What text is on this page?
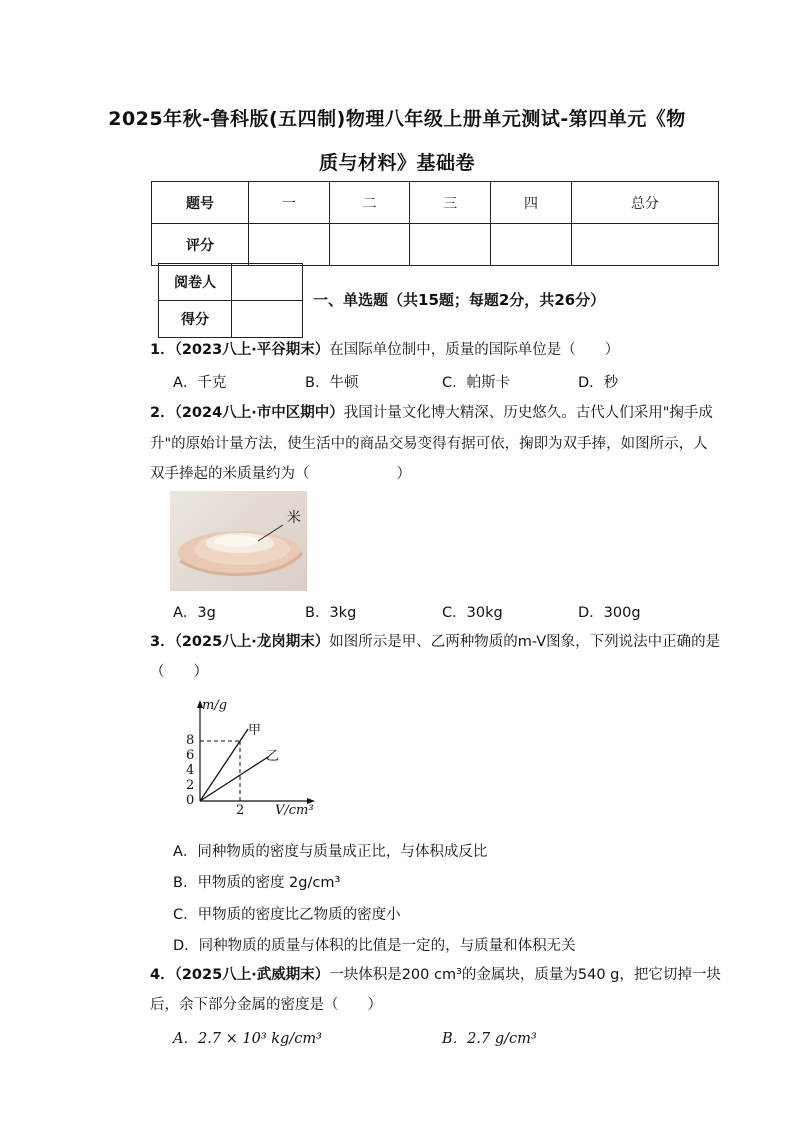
2025年秋-鲁科版(五四制)物理八年级上册单元测试-第四单元《物
质与材料》基础卷
题号	一	二	三	四	总分
评分					
阅卷人	
得分	
一、单选题（共15题；每题2分，共26分）
1．（2023八上·平谷期末）在国际单位制中，质量的国际单位是（　　）
A．千克	B．牛顿	C．帕斯卡	D．秒
2．（2024八上·市中区期中）我国计量文化博大精深、历史悠久。古代人们采用"掬手成
升"的原始计量方法，使生活中的商品交易变得有据可依，掬即为双手捧，如图所示，人
双手捧起的米质量约为（　　　　　　）
米
A．3g	B．3kg	C．30kg	D．300g
3．（2025八上·龙岗期末）如图所示是甲、乙两种物质的m-V图象，下列说法中正确的是
（　　）
m/g
V/cm³
8
6
4
2
0
2
甲
乙
A．同种物质的密度与质量成正比，与体积成反比
B．甲物质的密度 2g/cm³
C．甲物质的密度比乙物质的密度小
D．同种物质的质量与体积的比值是一定的，与质量和体积无关
4．（2025八上·武威期末）一块体积是200 cm³的金属块，质量为540 g，把它切掉一块
后，余下部分金属的密度是（　　）
A．2.7 × 10³ kg/cm³	B．2.7 g/cm³
